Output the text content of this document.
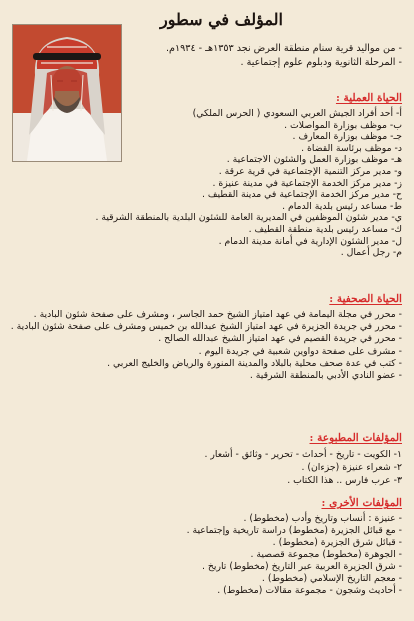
المؤلف في سطور
- من مواليد قرية سنام منطقة العرض نجد ١٣٥٣هـ - ١٩٣٤م.
- المرحلة الثانوية ودبلوم علوم إجتماعية .
الحياة العملية :
أ- أحد أفراد الجيش العربي السعودي ( الحرس الملكي)
ب- موظف بوزارة المواصلات .
جـ- موظف بوزارة المعارف .
د- موظف برئاسة القضاة .
هـ- موظف بوزارة العمل والشئون الاجتماعية .
و- مدير مركز التنمية الإجتماعية في قرية عرقة .
ز- مدير مركز الخدمة الإجتماعية في مدينة عنيزة .
ح- مدير مركز الخدمة الإجتماعية في مدينة القطيف .
ط- مساعد رئيس بلدية الدمام .
ي- مدير شئون الموظفين في المديرية العامة للشئون البلدية بالمنطقة الشرقية .
ك- مساعد رئيس بلدية منطقة القطيف .
ل- مدير الشئون الإدارية في أمانة مدينة الدمام .
م- رجل أعمال .
الحياة الصحفية :
- محرر في مجلة اليمامة في عهد امتياز الشيخ حمد الجاسر ، ومشرف على صفحة شئون البادية .
- محرر في جريدة الجزيرة في عهد امتياز الشيخ عبدالله بن خميس ومشرف على صفحة شئون البادية .
- محرر في جريدة القصيم في عهد امتياز الشيخ عبدالله الصالح .
- مشرف على صفحة دواوين شعبية في جريدة اليوم .
- كتب في عدة صحف محلية بالبلاد والمدينة المنورة والرياض والخليج العربي .
- عضو النادي الأدبي بالمنطقة الشرقية .
المؤلفات المطبوعة :
١- الكويت - تاريخ - أحداث - تحرير - وثائق - أشعار .
٢- شعراء عنيزة (جزءان) .
٣- عرب فارس .. هذا الكتاب .
المؤلفات الأخرى :
- عنيزة : أنساب وتاريخ وأدب (مخطوط) .
- مع قبائل الجزيرة (مخطوط) دراسة تاريخية وإجتماعية .
- قبائل شرق الجزيرة (مخطوط) .
- الجوهرة (مخطوط) مجموعة قصصية .
- شرق الجزيرة العربية عبر التاريخ (مخطوط) تاريخ .
- معجم التاريخ الإسلامي (مخطوط) .
- أحاديث وشجون - مجموعة مقالات (مخطوط) .
